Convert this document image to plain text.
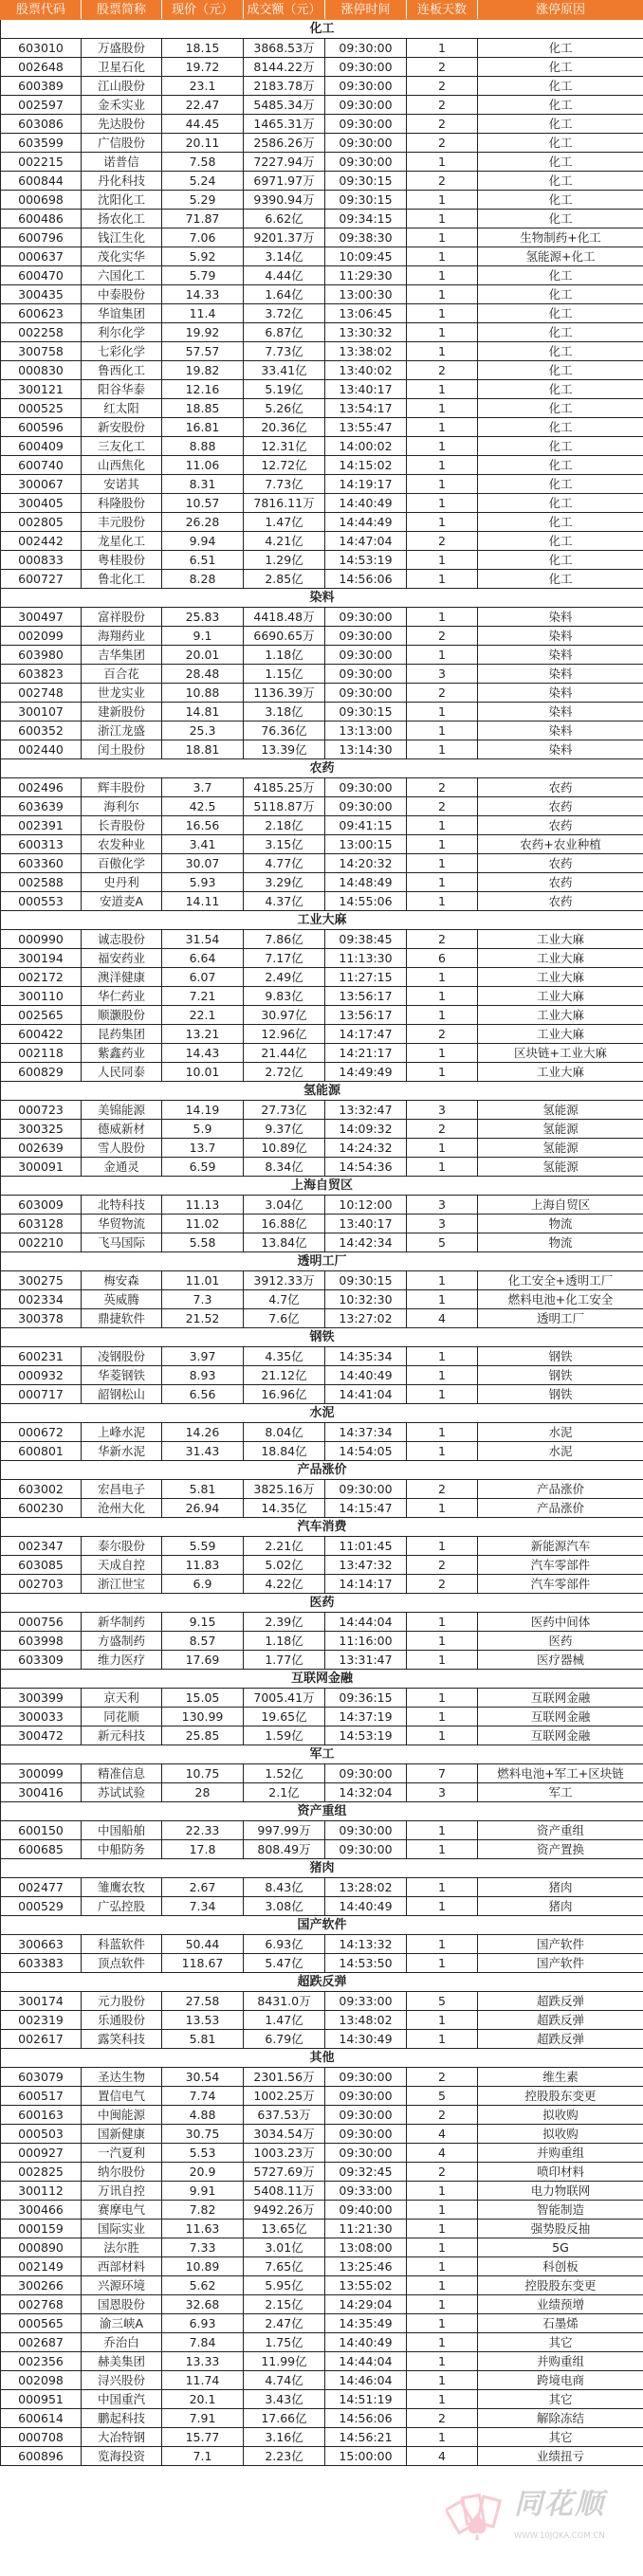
股票代码	股票简称	现价（元）	成交额（元）	涨停时间	连板天数	涨停原因
化工						
603010	万盛股份	18.15	3868.53万	09:30:00	1	化工
002648	卫星石化	19.72	8144.22万	09:30:00	2	化工
600389	江山股份	23.1	2183.78万	09:30:00	2	化工
002597	金禾实业	22.47	5485.34万	09:30:00	2	化工
603086	先达股份	44.45	1465.31万	09:30:00	2	化工
603599	广信股份	20.11	2586.26万	09:30:00	2	化工
002215	诺普信	7.58	7227.94万	09:30:00	1	化工
600844	丹化科技	5.24	6971.97万	09:30:15	2	化工
000698	沈阳化工	5.29	9390.94万	09:30:15	1	化工
600486	扬农化工	71.87	6.62亿	09:34:15	1	化工
600796	钱江生化	7.06	9201.37万	09:38:30	1	生物制药+化工
000637	茂化实华	5.92	3.14亿	10:09:45	1	氢能源+化工
600470	六国化工	5.79	4.44亿	11:29:30	1	化工
300435	中泰股份	14.33	1.64亿	13:00:30	1	化工
600623	华谊集团	11.4	3.72亿	13:06:45	1	化工
002258	利尔化学	19.92	6.87亿	13:30:32	1	化工
300758	七彩化学	57.57	7.73亿	13:38:02	1	化工
000830	鲁西化工	19.82	33.41亿	13:40:02	2	化工
300121	阳谷华泰	12.16	5.19亿	13:40:17	1	化工
000525	红太阳	18.85	5.26亿	13:54:17	1	化工
600596	新安股份	16.81	20.36亿	13:55:47	1	化工
600409	三友化工	8.88	12.31亿	14:00:02	1	化工
600740	山西焦化	11.06	12.72亿	14:15:02	1	化工
300067	安诺其	8.31	7.73亿	14:19:17	1	化工
300405	科隆股份	10.57	7816.11万	14:40:49	1	化工
002805	丰元股份	26.28	1.47亿	14:44:49	1	化工
002442	龙星化工	9.94	4.21亿	14:47:04	2	化工
000833	粤桂股份	6.51	1.29亿	14:53:19	1	化工
600727	鲁北化工	8.28	2.85亿	14:56:06	1	化工
染料						
300497	富祥股份	25.83	4418.48万	09:30:00	1	染料
002099	海翔药业	9.1	6690.65万	09:30:00	2	染料
603980	吉华集团	20.01	1.18亿	09:30:00	1	染料
603823	百合花	28.48	1.15亿	09:30:00	3	染料
002748	世龙实业	10.88	1136.39万	09:30:00	2	染料
300107	建新股份	14.81	3.18亿	09:30:15	1	染料
600352	浙江龙盛	25.3	76.36亿	13:13:00	1	染料
002440	闰土股份	18.81	13.39亿	13:14:30	1	染料
农药						
002496	辉丰股份	3.7	4185.25万	09:30:00	2	农药
603639	海利尔	42.5	5118.87万	09:30:00	2	农药
002391	长青股份	16.56	2.18亿	09:41:15	1	农药
600313	农发种业	3.41	3.15亿	13:00:15	1	农药+农业种植
603360	百傲化学	30.07	4.77亿	14:20:32	1	农药
002588	史丹利	5.93	3.29亿	14:48:49	1	农药
000553	安道麦A	14.11	4.37亿	14:55:06	1	农药
工业大麻						
000990	诚志股份	31.54	7.86亿	09:38:45	2	工业大麻
300194	福安药业	6.64	7.17亿	11:13:30	6	工业大麻
002172	澳洋健康	6.07	2.49亿	11:27:15	1	工业大麻
300110	华仁药业	7.21	9.83亿	13:56:17	1	工业大麻
002565	顺灏股份	22.1	30.97亿	13:56:17	1	工业大麻
600422	昆药集团	13.21	12.96亿	14:17:47	2	工业大麻
002118	紫鑫药业	14.43	21.44亿	14:21:17	1	区块链+工业大麻
600829	人民同泰	10.01	2.72亿	14:49:49	1	工业大麻
氢能源						
000723	美锦能源	14.19	27.73亿	13:32:47	3	氢能源
300325	德威新材	5.9	9.37亿	14:09:32	2	氢能源
002639	雪人股份	13.7	10.89亿	14:24:32	1	氢能源
300091	金通灵	6.59	8.34亿	14:54:36	1	氢能源
上海自贸区						
603009	北特科技	11.13	3.04亿	10:12:00	3	上海自贸区
603128	华贸物流	11.02	16.88亿	13:40:17	3	物流
002210	飞马国际	5.58	13.84亿	14:42:34	5	物流
透明工厂						
300275	梅安森	11.01	3912.33万	09:30:15	1	化工安全+透明工厂
002334	英威腾	7.3	4.7亿	10:32:30	1	燃料电池+化工安全
300378	鼎捷软件	21.52	7.6亿	13:27:02	4	透明工厂
钢铁						
600231	凌钢股份	3.97	4.35亿	14:35:34	1	钢铁
000932	华菱钢铁	8.93	21.12亿	14:40:49	1	钢铁
000717	韶钢松山	6.56	16.96亿	14:41:04	1	钢铁
水泥						
000672	上峰水泥	14.26	8.04亿	14:37:34	1	水泥
600801	华新水泥	31.43	18.84亿	14:54:05	1	水泥
产品涨价						
603002	宏昌电子	5.81	3825.16万	09:30:00	2	产品涨价
600230	沧州大化	26.94	14.35亿	14:15:47	1	产品涨价
汽车消费						
002347	泰尔股份	5.59	2.21亿	11:01:45	1	新能源汽车
603085	天成自控	11.83	5.02亿	13:47:32	2	汽车零部件
002703	浙江世宝	6.9	4.22亿	14:14:17	2	汽车零部件
医药						
000756	新华制药	9.15	2.39亿	14:44:04	1	医药中间体
603998	方盛制药	8.57	1.18亿	11:16:00	1	医药
603309	维力医疗	17.69	1.77亿	13:31:47	1	医疗器械
互联网金融						
300399	京天利	15.05	7005.41万	09:36:15	1	互联网金融
300033	同花顺	130.99	19.65亿	14:37:19	1	互联网金融
300472	新元科技	25.85	1.59亿	14:53:19	1	互联网金融
军工						
300099	精准信息	10.75	1.52亿	09:30:00	7	燃料电池+军工+区块链
300416	苏试试验	28	2.1亿	14:32:04	3	军工
资产重组						
600150	中国船舶	22.33	997.99万	09:30:00	1	资产重组
600685	中船防务	17.8	808.49万	09:30:00	1	资产置换
猪肉						
002477	雏鹰农牧	2.67	8.43亿	13:28:02	1	猪肉
000529	广弘控股	7.34	3.08亿	14:40:49	1	猪肉
国产软件						
300663	科蓝软件	50.44	6.93亿	14:13:32	1	国产软件
603383	顶点软件	118.67	5.47亿	14:53:50	1	国产软件
超跌反弹						
300174	元力股份	27.58	8431.0万	09:33:00	5	超跌反弹
002319	乐通股份	13.53	1.47亿	13:48:02	1	超跌反弹
002617	露笑科技	5.81	6.79亿	14:30:49	1	超跌反弹
其他						
603079	圣达生物	30.54	2301.56万	09:30:00	2	维生素
600517	置信电气	7.74	1002.25万	09:30:00	5	控股股东变更
600163	中闽能源	4.88	637.53万	09:30:00	2	拟收购
000503	国新健康	30.75	3034.54万	09:30:00	4	拟收购
000927	一汽夏利	5.53	1003.23万	09:30:00	4	并购重组
002825	纳尔股份	20.9	5727.69万	09:32:45	2	喷印材料
300112	万讯自控	9.91	5408.11万	09:33:00	1	电力物联网
300466	赛摩电气	7.82	9492.26万	09:40:00	1	智能制造
000159	国际实业	11.63	13.65亿	11:21:30	1	强势股反抽
000890	法尔胜	7.33	3.01亿	13:08:00	1	5G
002149	西部材料	10.89	7.65亿	13:25:46	1	科创板
300266	兴源环境	5.62	5.95亿	13:55:02	1	控股股东变更
002768	国恩股份	32.68	2.15亿	14:29:04	1	业绩预增
000565	渝三峡A	6.93	2.47亿	14:35:49	1	石墨烯
002687	乔治白	7.84	1.75亿	14:40:49	1	其它
002356	赫美集团	13.33	11.99亿	14:44:04	1	并购重组
002098	浔兴股份	11.74	4.74亿	14:46:04	1	跨境电商
000951	中国重汽	20.1	3.43亿	14:51:19	1	其它
600614	鹏起科技	7.91	17.66亿	14:56:06	2	解除冻结
000708	大冶特钢	15.77	3.16亿	14:56:21	1	其它
600896	览海投资	7.1	2.23亿	15:00:00	4	业绩扭亏
同花顺
WWW.10JQKA.COM.CN
